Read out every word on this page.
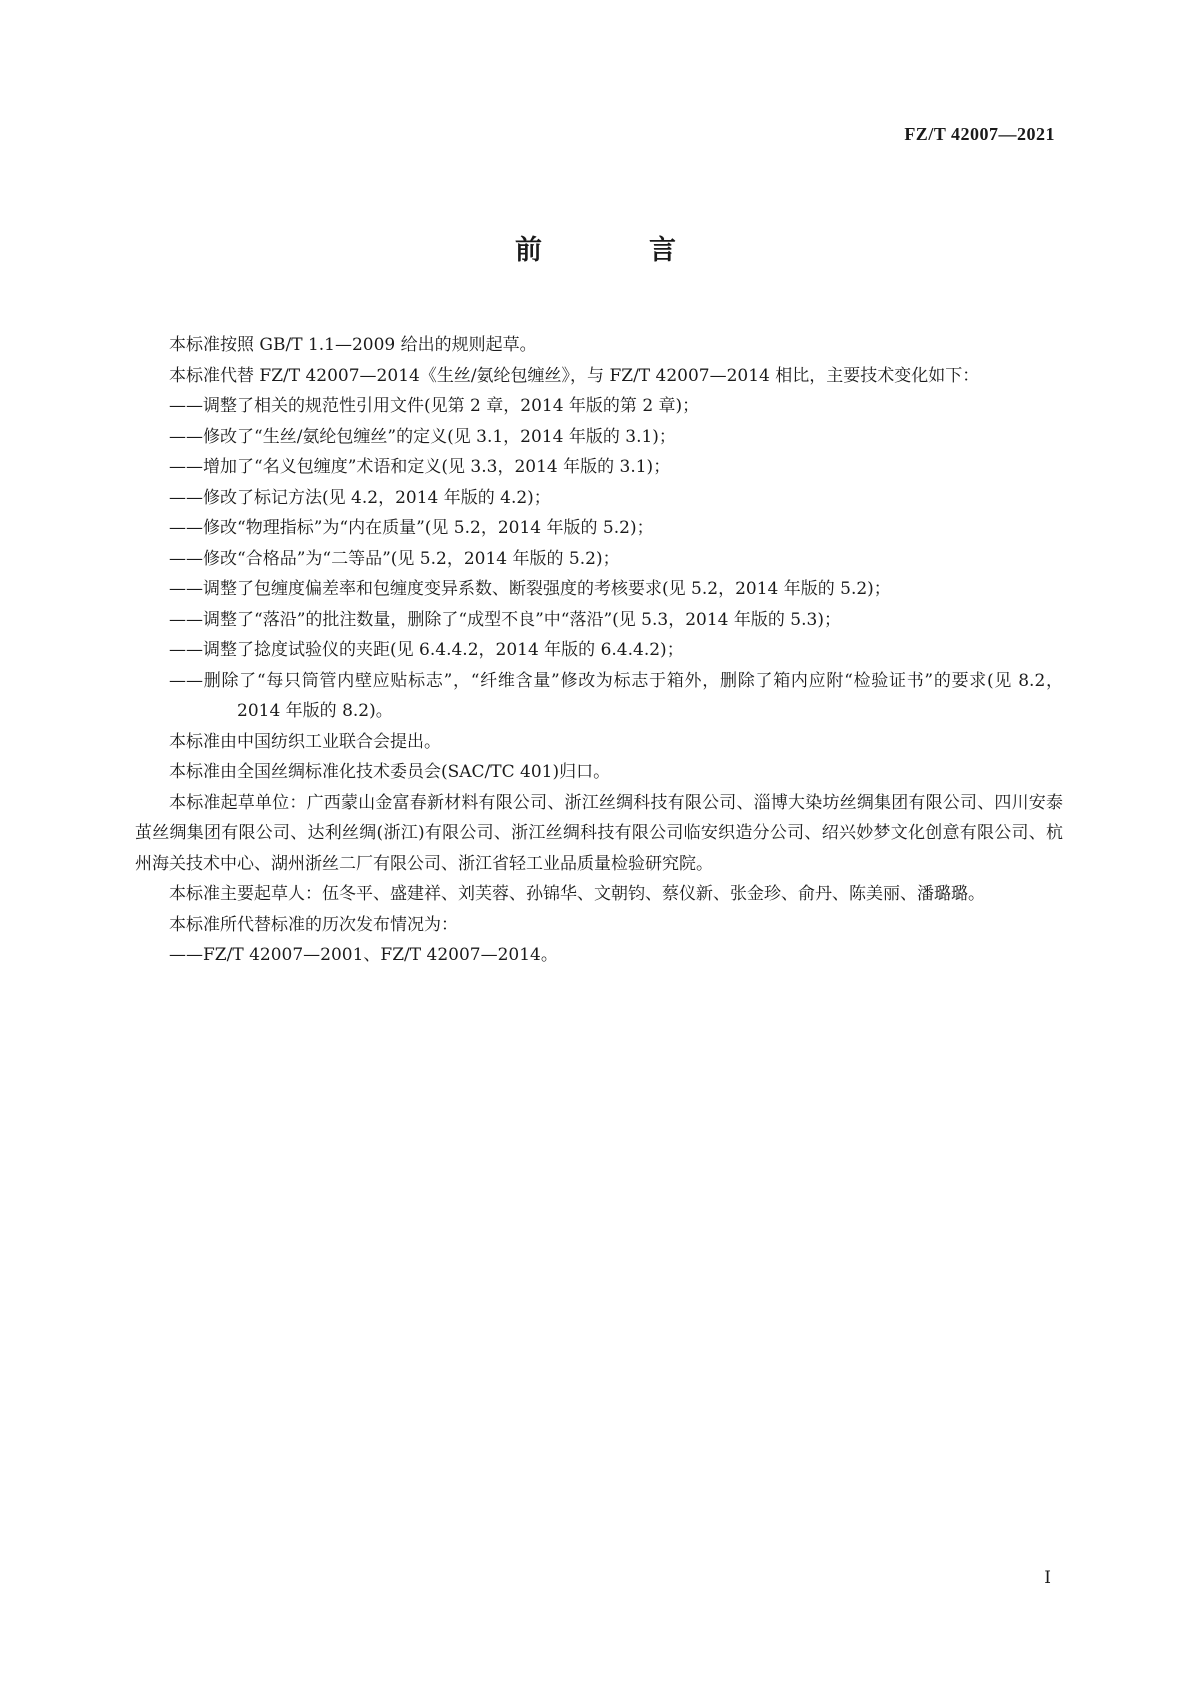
FZ/T 42007—2021
前　言

本标准按照 GB/T 1.1—2009 给出的规则起草。

本标准代替 FZ/T 42007—2014《生丝/氨纶包缠丝》，与 FZ/T 42007—2014 相比，主要技术变化如下：

——调整了相关的规范性引用文件(见第 2 章，2014 年版的第 2 章)；

——修改了“生丝/氨纶包缠丝”的定义(见 3.1，2014 年版的 3.1)；

——增加了“名义包缠度”术语和定义(见 3.3，2014 年版的 3.1)；

——修改了标记方法(见 4.2，2014 年版的 4.2)；

——修改“物理指标”为“内在质量”(见 5.2，2014 年版的 5.2)；

——修改“合格品”为“二等品”(见 5.2，2014 年版的 5.2)；

——调整了包缠度偏差率和包缠度变异系数、断裂强度的考核要求(见 5.2，2014 年版的 5.2)；

——调整了“落沿”的批注数量，删除了“成型不良”中“落沿”(见 5.3，2014 年版的 5.3)；

——调整了捻度试验仪的夹距(见 6.4.4.2，2014 年版的 6.4.4.2)；

——删除了“每只筒管内壁应贴标志”，“纤维含量”修改为标志于箱外，删除了箱内应附“检验证书”的要求(见 8.2，2014 年版的 8.2)。

本标准由中国纺织工业联合会提出。

本标准由全国丝绸标准化技术委员会(SAC/TC 401)归口。

本标准起草单位：广西蒙山金富春新材料有限公司、浙江丝绸科技有限公司、淄博大染坊丝绸集团有限公司、四川安泰茧丝绸集团有限公司、达利丝绸(浙江)有限公司、浙江丝绸科技有限公司临安织造分公司、绍兴妙梦文化创意有限公司、杭州海关技术中心、湖州浙丝二厂有限公司、浙江省轻工业品质量检验研究院。

本标准主要起草人：伍冬平、盛建祥、刘芙蓉、孙锦华、文朝钧、蔡仪新、张金珍、俞丹、陈美丽、潘璐璐。

本标准所代替标准的历次发布情况为：

——FZ/T 42007—2001、FZ/T 42007—2014。

I
